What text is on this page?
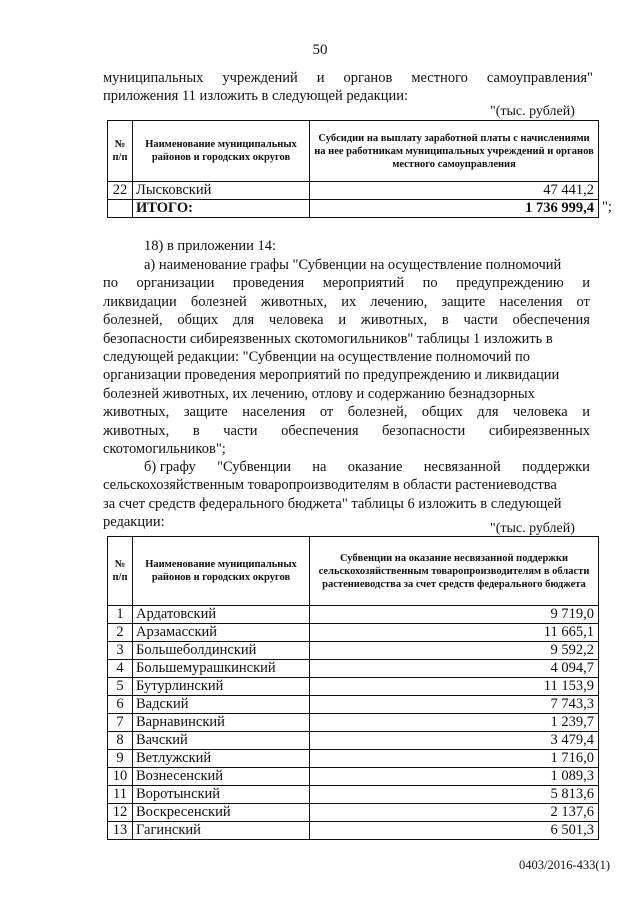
50
муниципальных учреждений и органов местного самоуправления"
приложения 11 изложить в следующей редакции:
"(тыс. рублей)
№ п/п	Наименование муниципальных районов и городских округов	Субсидии на выплату заработной платы с начислениями на нее работникам муниципальных учреждений и органов местного самоуправления
22	Лысковский	47 441,2
	ИТОГО:	1 736 999,4 ";
18) в приложении 14:
а) наименование графы "Субвенции на осуществление полномочий
по организации проведения мероприятий по предупреждению и
ликвидации болезней животных, их лечению, защите населения от
болезней, общих для человека и животных, в части обеспечения
безопасности сибиреязвенных скотомогильников" таблицы 1 изложить в
следующей редакции: "Субвенции на осуществление полномочий по
организации проведения мероприятий по предупреждению и ликвидации
болезней животных, их лечению, отлову и содержанию безнадзорных
животных, защите населения от болезней, общих для человека и
животных, в части обеспечения безопасности сибиреязвенных
скотомогильников";
б) графу "Субвенции на оказание несвязанной поддержки
сельскохозяйственным товаропроизводителям в области растениеводства
за счет средств федерального бюджета" таблицы 6 изложить в следующей
редакции:	"(тыс. рублей)
№ п/п	Наименование муниципальных районов и городских округов	Субвенции на оказание несвязанной поддержки сельскохозяйственным товаропроизводителям в области растениеводства за счет средств федерального бюджета
1	Ардатовский	9 719,0
2	Арзамасский	11 665,1
3	Большеболдинский	9 592,2
4	Большемурашкинский	4 094,7
5	Бутурлинский	11 153,9
6	Вадский	7 743,3
7	Варнавинский	1 239,7
8	Вачский	3 479,4
9	Ветлужский	1 716,0
10	Вознесенский	1 089,3
11	Воротынский	5 813,6
12	Воскресенский	2 137,6
13	Гагинский	6 501,3
0403/2016-433(1)
